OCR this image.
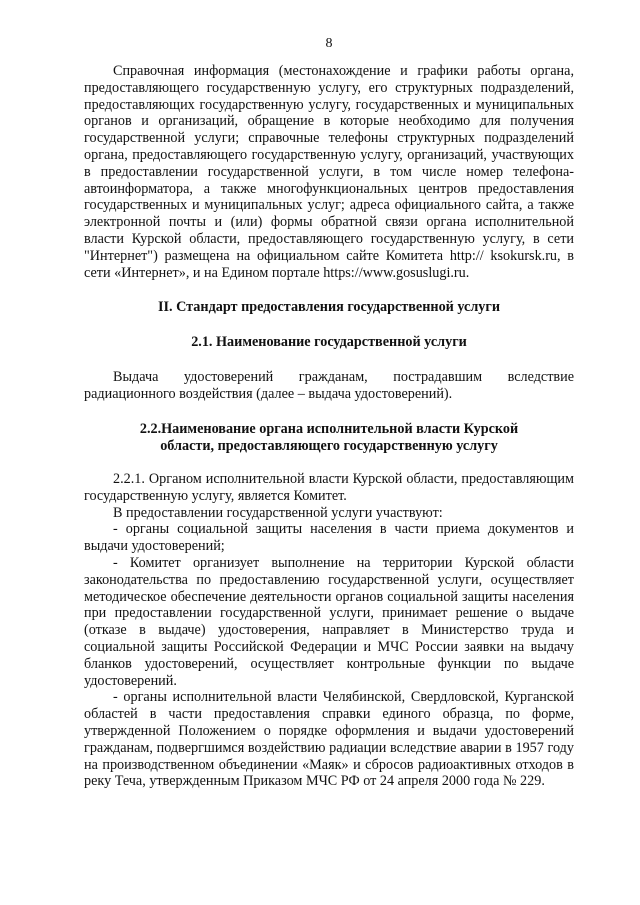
8

Справочная информация (местонахождение и графики работы органа, предоставляющего государственную услугу, его структурных подразделений, предоставляющих государственную услугу, государственных и муниципальных органов и организаций, обращение в которые необходимо для получения государственной услуги; справочные телефоны структурных подразделений органа, предоставляющего государственную услугу, организаций, участвующих в предоставлении государственной услуги, в том числе номер телефона-автоинформатора, а также многофункциональных центров предоставления государственных и муниципальных услуг; адреса официального сайта, а также электронной почты и (или) формы обратной связи органа исполнительной власти Курской области, предоставляющего государственную услугу, в сети "Интернет") размещена на официальном сайте Комитета http:// ksokursk.ru, в сети «Интернет», и на Едином портале https://www.gosuslugi.ru.

II. Стандарт предоставления государственной услуги
2.1. Наименование государственной услуги

Выдача удостоверений гражданам, пострадавшим вследствие радиационного воздействия (далее – выдача удостоверений).

2.2.Наименование органа исполнительной власти Курской
области, предоставляющего государственную услугу

2.2.1. Органом исполнительной власти Курской области, предоставляющим государственную услугу, является Комитет.

В предоставлении государственной услуги участвуют:

- органы социальной защиты населения в части приема документов и выдачи удостоверений;

- Комитет организует выполнение на территории Курской области законодательства по предоставлению государственной услуги, осуществляет методическое обеспечение деятельности органов социальной защиты населения при предоставлении государственной услуги, принимает решение о выдаче (отказе в выдаче) удостоверения, направляет в Министерство труда и социальной защиты Российской Федерации и МЧС России заявки на выдачу бланков удостоверений, осуществляет контрольные функции по выдаче удостоверений.

- органы исполнительной власти Челябинской, Свердловской, Курганской областей в части предоставления справки единого образца, по форме, утвержденной Положением о порядке оформления и выдачи удостоверений гражданам, подвергшимся воздействию радиации вследствие аварии в 1957 году на производственном объединении «Маяк» и сбросов радиоактивных отходов в реку Теча, утвержденным Приказом МЧС РФ от 24 апреля 2000 года № 229.
